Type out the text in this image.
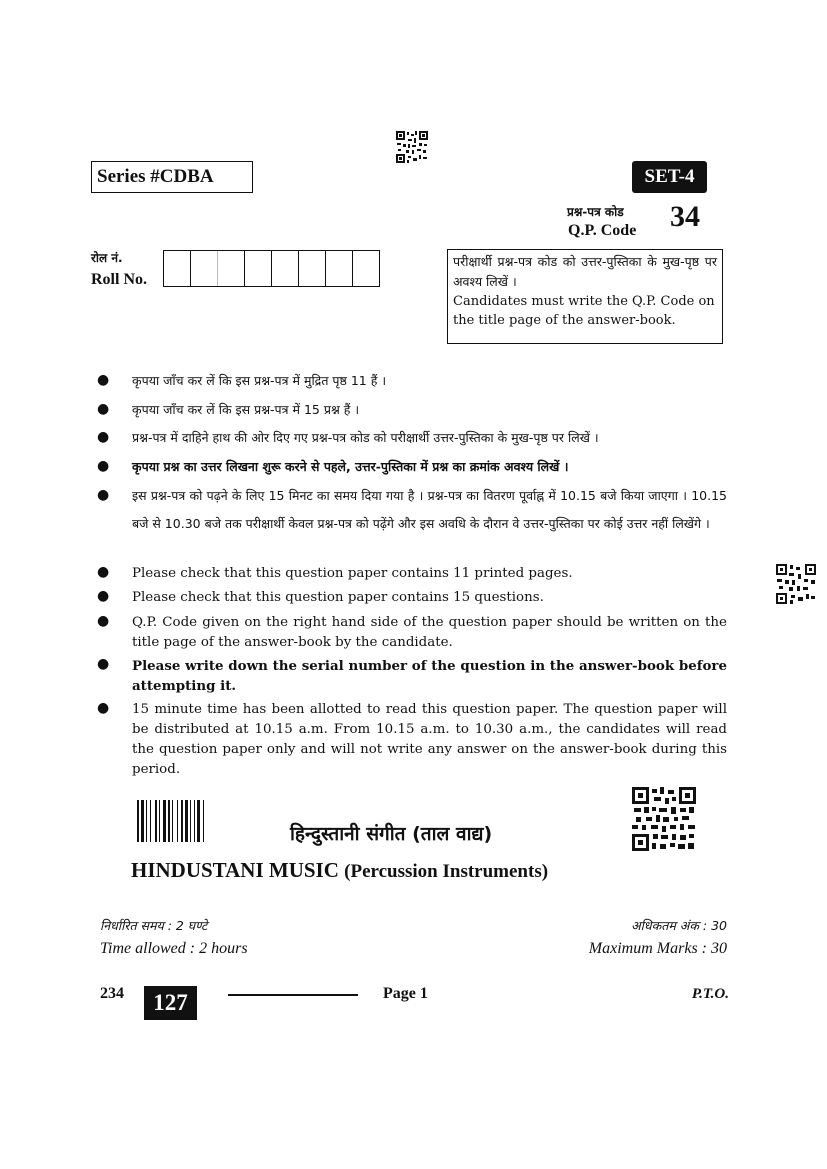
Series #CDBA	SET-4
प्रश्न-पत्र कोड
Q.P. Code 34
रोल नं.
Roll No.
परीक्षार्थी प्रश्न-पत्र कोड को उत्तर-पुस्तिका के मुख-पृष्ठ पर अवश्य लिखें ।
Candidates must write the Q.P. Code on the title page of the answer-book.
● कृपया जाँच कर लें कि इस प्रश्न-पत्र में मुद्रित पृष्ठ 11 हैं ।
● कृपया जाँच कर लें कि इस प्रश्न-पत्र में 15 प्रश्न हैं ।
● प्रश्न-पत्र में दाहिने हाथ की ओर दिए गए प्रश्न-पत्र कोड को परीक्षार्थी उत्तर-पुस्तिका के मुख-पृष्ठ पर लिखें ।
● कृपया प्रश्न का उत्तर लिखना शुरू करने से पहले, उत्तर-पुस्तिका में प्रश्न का क्रमांक अवश्य लिखें ।
● इस प्रश्न-पत्र को पढ़ने के लिए 15 मिनट का समय दिया गया है । प्रश्न-पत्र का वितरण पूर्वाह्न में 10.15 बजे किया जाएगा । 10.15 बजे से 10.30 बजे तक परीक्षार्थी केवल प्रश्न-पत्र को पढ़ेंगे और इस अवधि के दौरान वे उत्तर-पुस्तिका पर कोई उत्तर नहीं लिखेंगे ।
● Please check that this question paper contains 11 printed pages.
● Please check that this question paper contains 15 questions.
● Q.P. Code given on the right hand side of the question paper should be written on the title page of the answer-book by the candidate.
● Please write down the serial number of the question in the answer-book before attempting it.
● 15 minute time has been allotted to read this question paper. The question paper will be distributed at 10.15 a.m. From 10.15 a.m. to 10.30 a.m., the candidates will read the question paper only and will not write any answer on the answer-book during this period.
हिन्दुस्तानी संगीत (ताल वाद्य)
HINDUSTANI MUSIC (Percussion Instruments)
निर्धारित समय : 2 घण्टे
Time allowed : 2 hours
अधिकतम अंक : 30
Maximum Marks : 30
234	127	Page 1	P.T.O.
